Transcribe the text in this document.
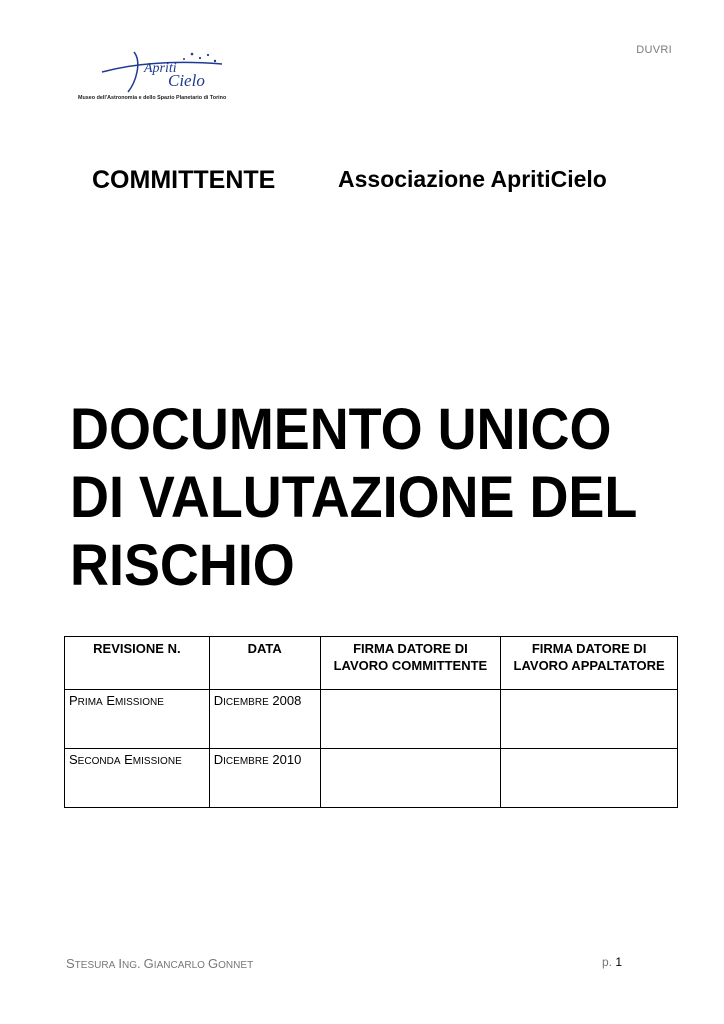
DUVRI
Apriti
Cielo
Museo dell'Astronomia e dello Spazio Planetario di Torino
COMMITTENTE	Associazione ApritiCielo
DOCUMENTO UNICO
DI VALUTAZIONE DEL
RISCHIO
REVISIONE N.	DATA	FIRMA DATORE DI LAVORO COMMITTENTE	FIRMA DATORE DI LAVORO APPALTATORE
PRIMA EMISSIONE	DICEMBRE 2008		
SECONDA EMISSIONE	DICEMBRE 2010		
STESURA ING. GIANCARLO GONNET	p. 1
